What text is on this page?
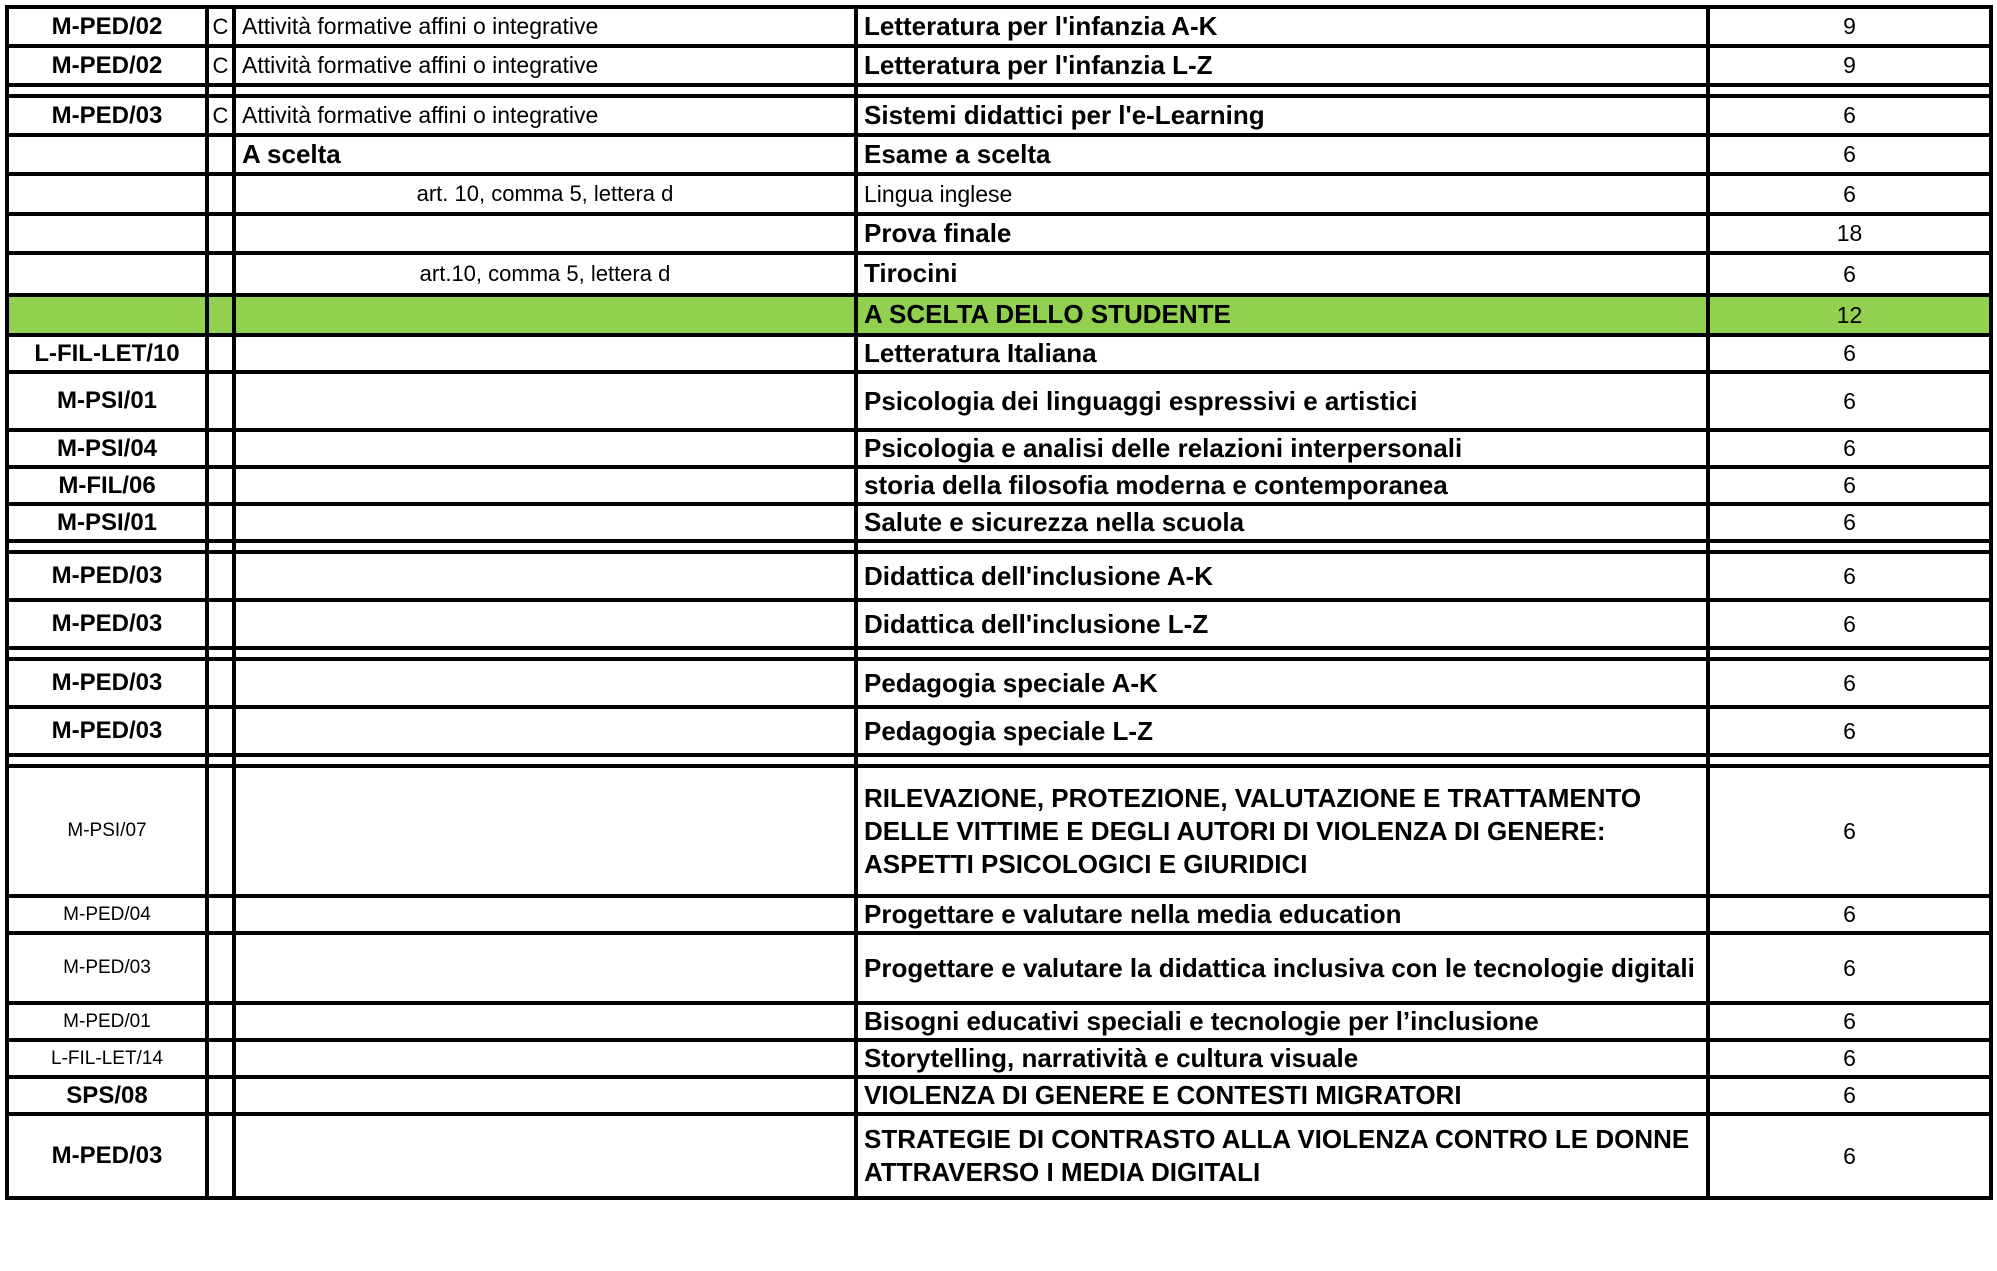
M-PED/02	C	Attività formative affini o integrative	Letteratura per l'infanzia A-K	9
M-PED/02	C	Attività formative affini o integrative	Letteratura per l'infanzia L-Z	9

M-PED/03	C	Attività formative affini o integrative	Sistemi didattici per l'e-Learning	6
		A scelta	Esame a scelta	6
		art. 10, comma 5, lettera d	Lingua inglese	6
			Prova finale	18
		art.10, comma 5, lettera d	Tirocini	6
			A SCELTA DELLO STUDENTE	12
L-FIL-LET/10			Letteratura Italiana	6
M-PSI/01			Psicologia dei linguaggi espressivi e artistici	6
M-PSI/04			Psicologia e analisi delle relazioni interpersonali	6
M-FIL/06			storia della filosofia moderna e contemporanea	6
M-PSI/01			Salute e sicurezza nella scuola	6

M-PED/03			Didattica dell'inclusione A-K	6
M-PED/03			Didattica dell'inclusione L-Z	6

M-PED/03			Pedagogia speciale A-K	6
M-PED/03			Pedagogia speciale L-Z	6

M-PSI/07			RILEVAZIONE, PROTEZIONE, VALUTAZIONE E TRATTAMENTO DELLE VITTIME E DEGLI AUTORI DI VIOLENZA DI GENERE: ASPETTI PSICOLOGICI E GIURIDICI	6
M-PED/04			Progettare e valutare nella media education	6
M-PED/03			Progettare e valutare la didattica inclusiva con le tecnologie digitali	6
M-PED/01			Bisogni educativi speciali e tecnologie per l’inclusione	6
L-FIL-LET/14			Storytelling, narratività e cultura visuale	6
SPS/08			VIOLENZA DI GENERE E CONTESTI MIGRATORI	6
M-PED/03			STRATEGIE DI CONTRASTO ALLA VIOLENZA CONTRO LE DONNE ATTRAVERSO I MEDIA DIGITALI	6
